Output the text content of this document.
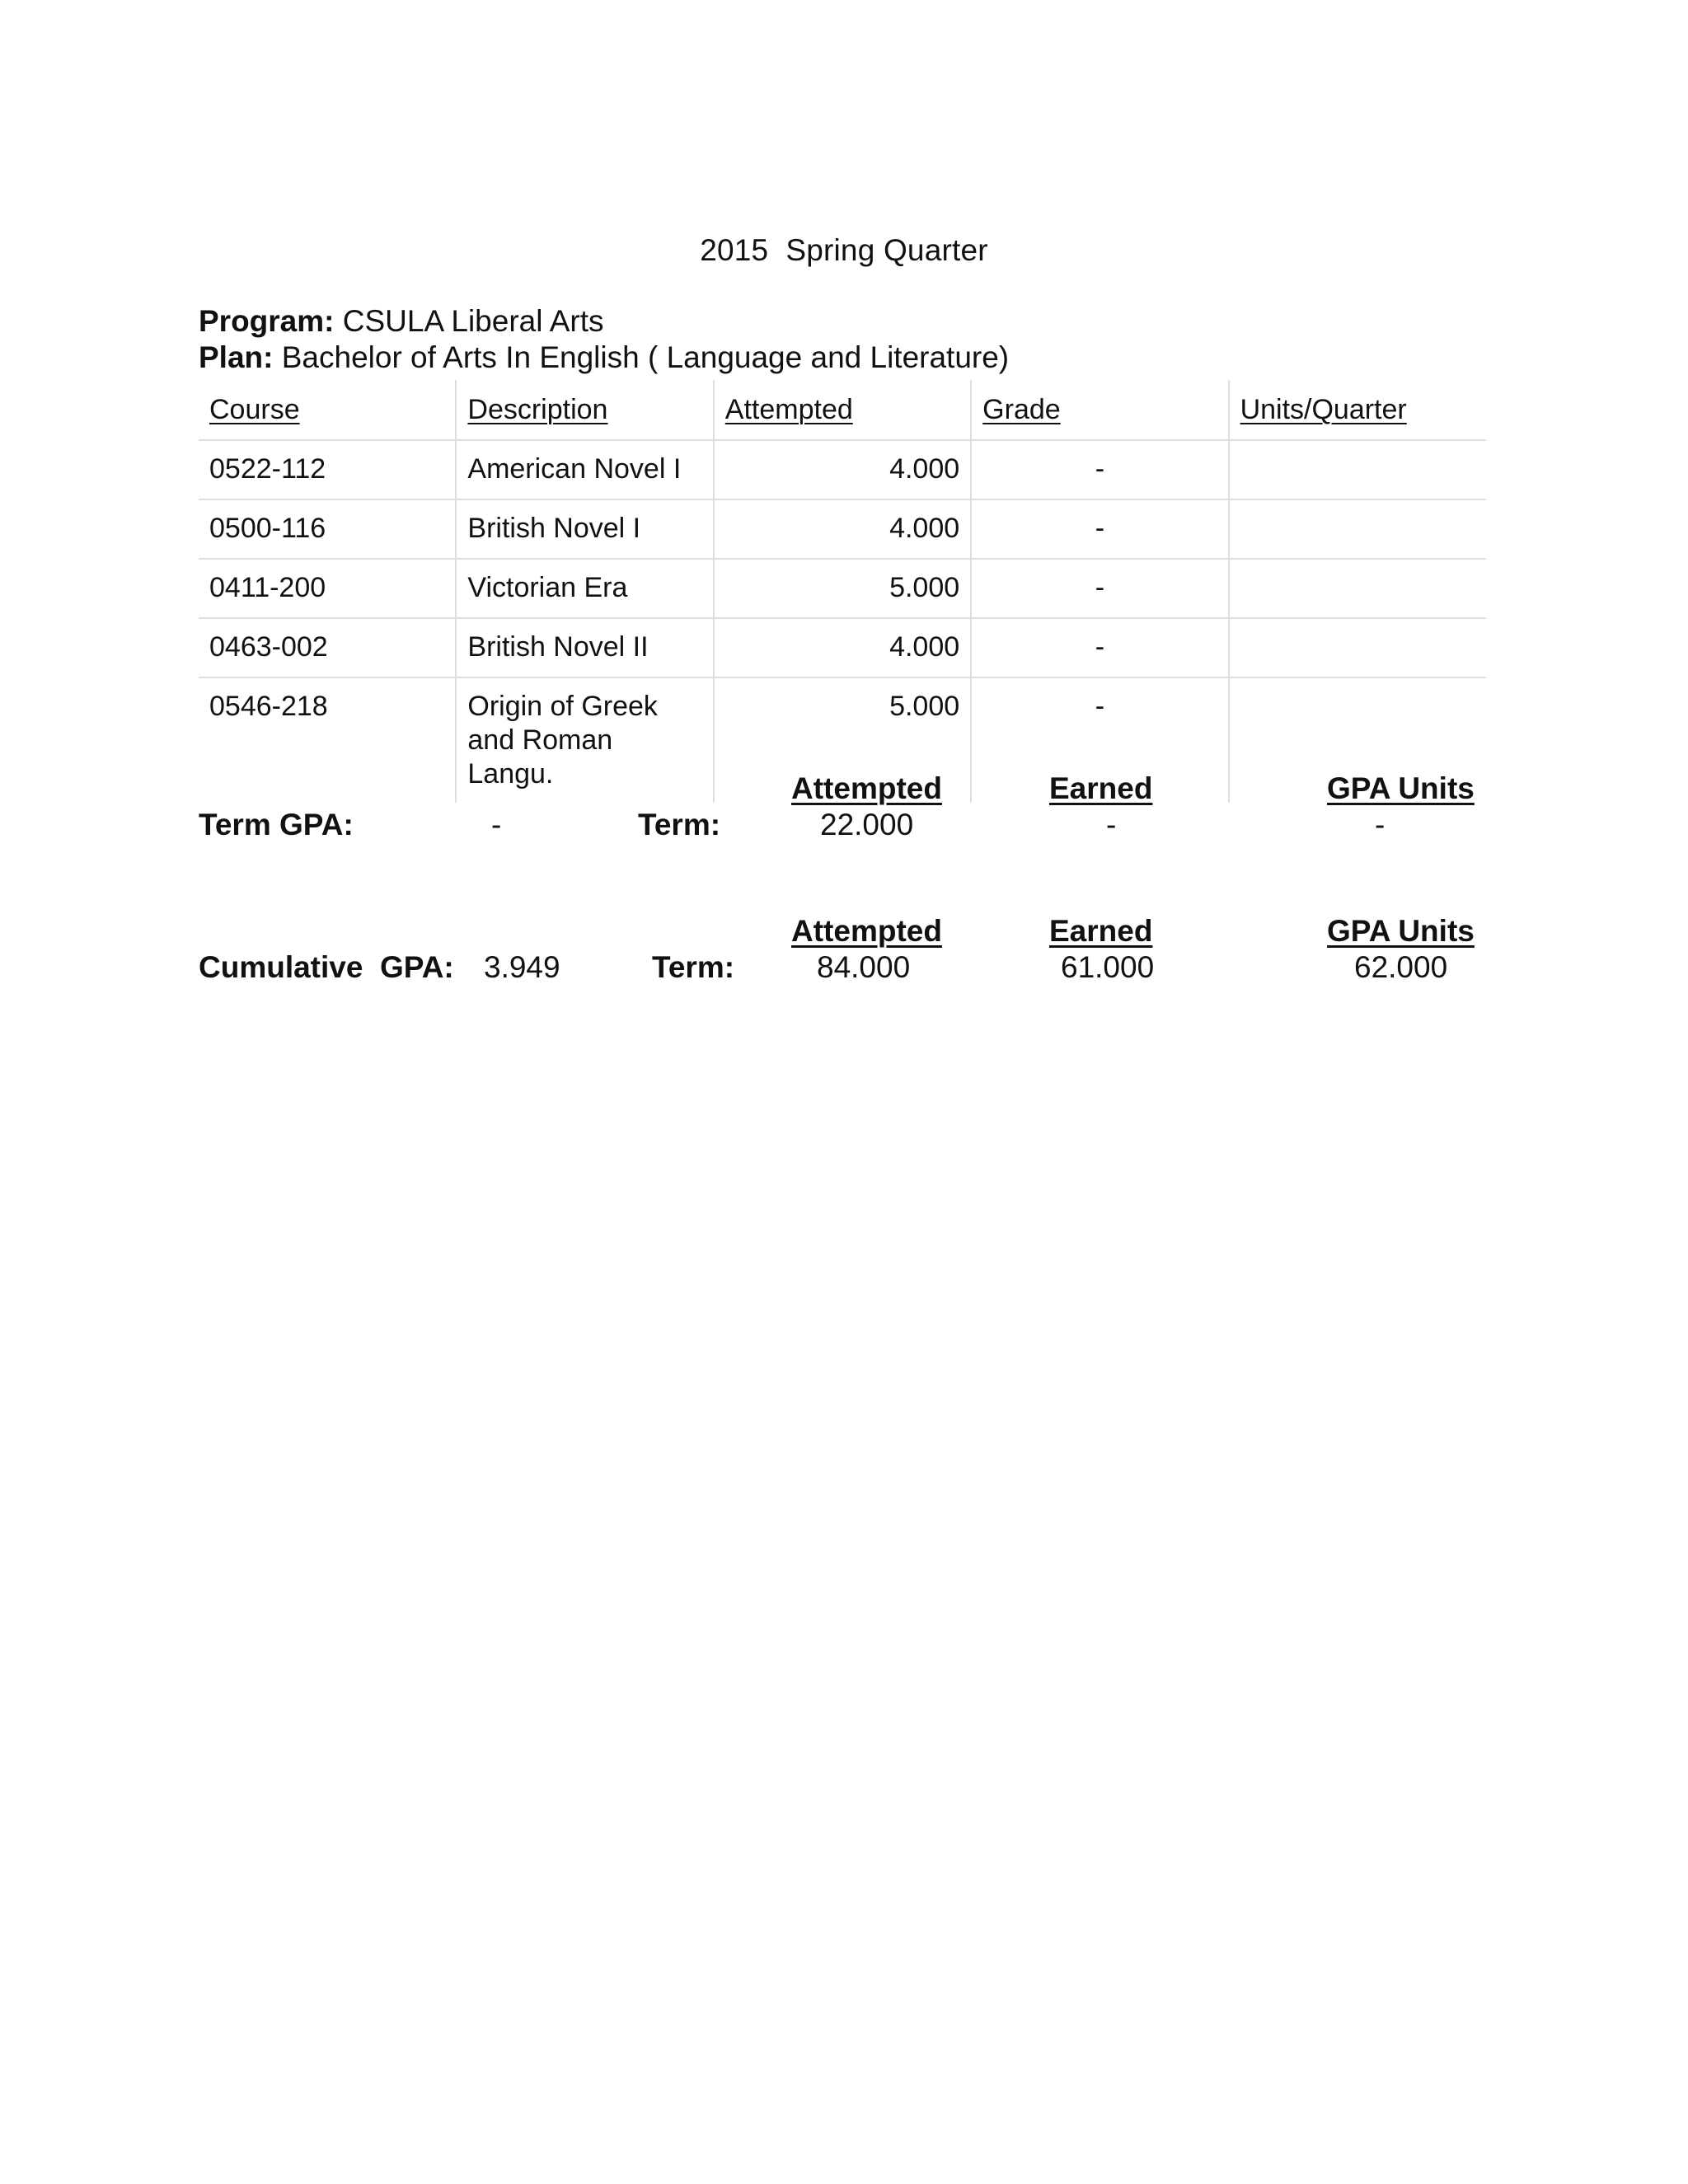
2015 Spring Quarter
Program: CSULA Liberal Arts
Plan: Bachelor of Arts In English ( Language and Literature)
Course	Description	Attempted	Grade	Units/Quarter
0522-112	American Novel I	4.000	-	
0500-116	British Novel I	4.000	-	
0411-200	Victorian Era	5.000	-	
0463-002	British Novel II	4.000	-	
0546-218	Origin of Greek and Roman Langu.	5.000	-	
Attempted	Earned	GPA Units
Term GPA:	-	Term:	22.000	-	-
Attempted	Earned	GPA Units
Cumulative  GPA: 3.949	Term:	84.000	61.000	62.000
